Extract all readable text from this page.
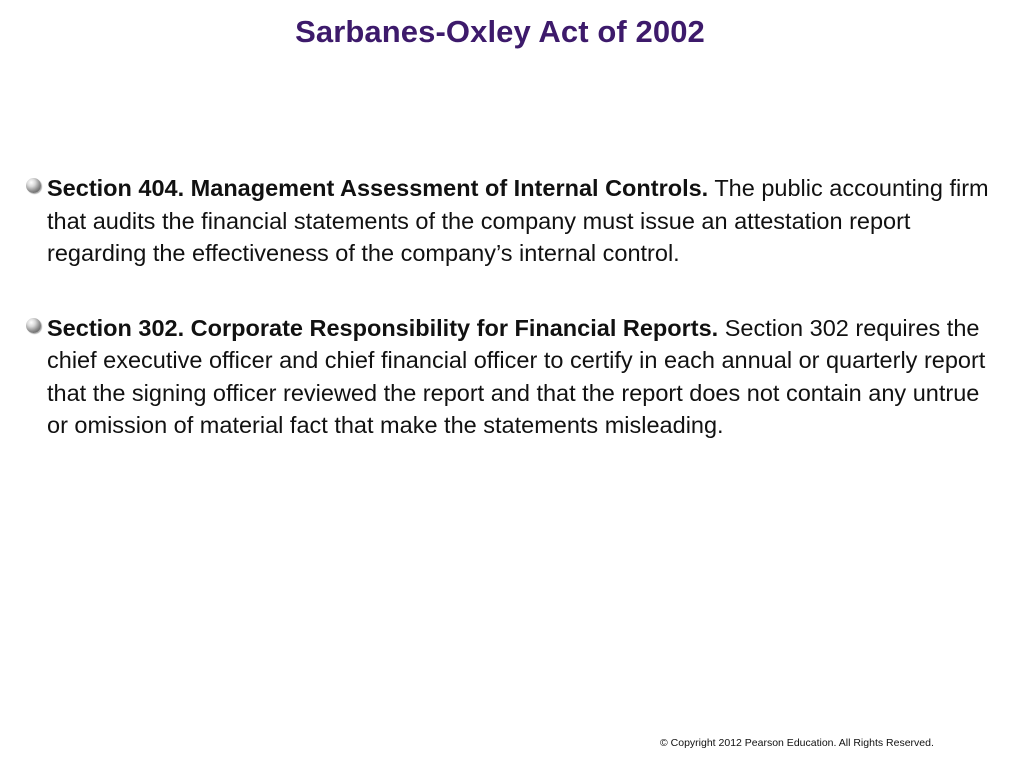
Sarbanes-Oxley Act of 2002
Section 404. Management Assessment of Internal Controls. The public accounting firm that audits the financial statements of the company must issue an attestation report regarding the effectiveness of the company’s internal control.
Section 302. Corporate Responsibility for Financial Reports. Section 302 requires the chief executive officer and chief financial officer to certify in each annual or quarterly report that the signing officer reviewed the report and that the report does not contain any untrue or omission of material fact that make the statements misleading.
© Copyright 2012 Pearson Education. All Rights Reserved.
